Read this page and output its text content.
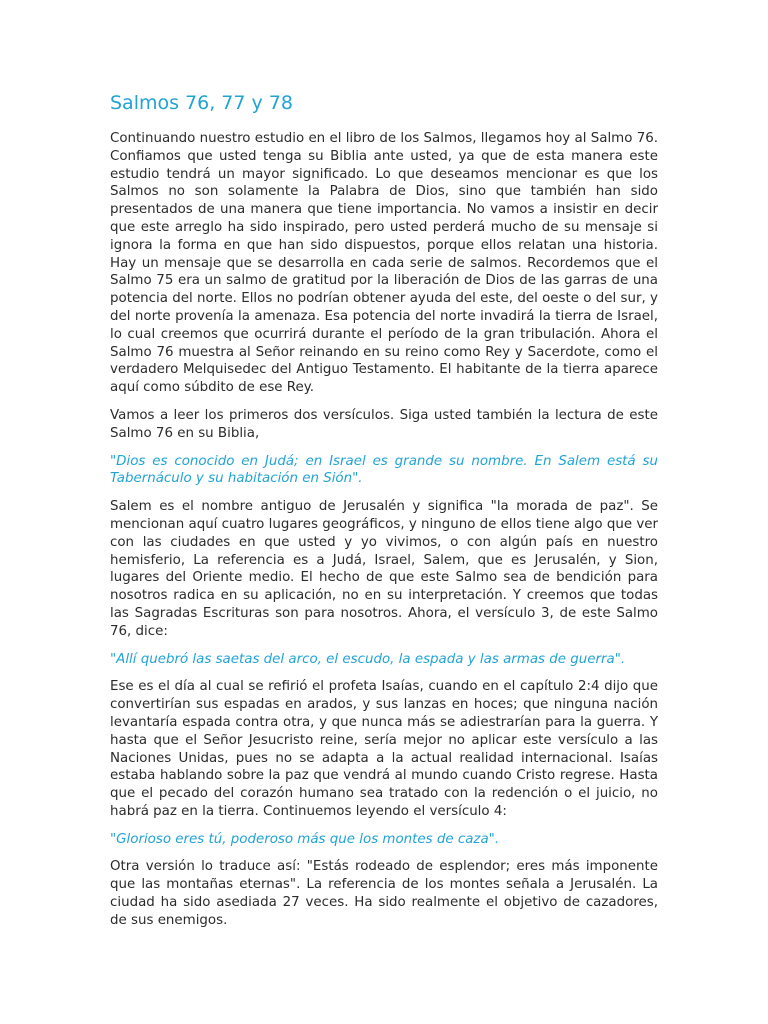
Salmos 76, 77 y 78

Continuando nuestro estudio en el libro de los Salmos, llegamos hoy al Salmo 76. Confiamos que usted tenga su Biblia ante usted, ya que de esta manera este estudio tendrá un mayor significado. Lo que deseamos mencionar es que los Salmos no son solamente la Palabra de Dios, sino que también han sido presentados de una manera que tiene importancia. No vamos a insistir en decir que este arreglo ha sido inspirado, pero usted perderá mucho de su mensaje si ignora la forma en que han sido dispuestos, porque ellos relatan una historia. Hay un mensaje que se desarrolla en cada serie de salmos. Recordemos que el Salmo 75 era un salmo de gratitud por la liberación de Dios de las garras de una potencia del norte. Ellos no podrían obtener ayuda del este, del oeste o del sur, y del norte provenía la amenaza. Esa potencia del norte invadirá la tierra de Israel, lo cual creemos que ocurrirá durante el período de la gran tribulación. Ahora el Salmo 76 muestra al Señor reinando en su reino como Rey y Sacerdote, como el verdadero Melquisedec del Antiguo Testamento. El habitante de la tierra aparece aquí como súbdito de ese Rey.

Vamos a leer los primeros dos versículos. Siga usted también la lectura de este Salmo 76 en su Biblia,

"Dios es conocido en Judá; en Israel es grande su nombre. En Salem está su Tabernáculo y su habitación en Sión".

Salem es el nombre antiguo de Jerusalén y significa "la morada de paz". Se mencionan aquí cuatro lugares geográficos, y ninguno de ellos tiene algo que ver con las ciudades en que usted y yo vivimos, o con algún país en nuestro hemisferio, La referencia es a Judá, Israel, Salem, que es Jerusalén, y Sion, lugares del Oriente medio. El hecho de que este Salmo sea de bendición para nosotros radica en su aplicación, no en su interpretación. Y creemos que todas las Sagradas Escrituras son para nosotros. Ahora, el versículo 3, de este Salmo 76, dice:

"Allí quebró las saetas del arco, el escudo, la espada y las armas de guerra".

Ese es el día al cual se refirió el profeta Isaías, cuando en el capítulo 2:4 dijo que convertirían sus espadas en arados, y sus lanzas en hoces; que ninguna nación levantaría espada contra otra, y que nunca más se adiestrarían para la guerra. Y hasta que el Señor Jesucristo reine, sería mejor no aplicar este versículo a las Naciones Unidas, pues no se adapta a la actual realidad internacional. Isaías estaba hablando sobre la paz que vendrá al mundo cuando Cristo regrese. Hasta que el pecado del corazón humano sea tratado con la redención o el juicio, no habrá paz en la tierra. Continuemos leyendo el versículo 4:

"Glorioso eres tú, poderoso más que los montes de caza".

Otra versión lo traduce así: "Estás rodeado de esplendor; eres más imponente que las montañas eternas". La referencia de los montes señala a Jerusalén. La ciudad ha sido asediada 27 veces. Ha sido realmente el objetivo de cazadores, de sus enemigos.
